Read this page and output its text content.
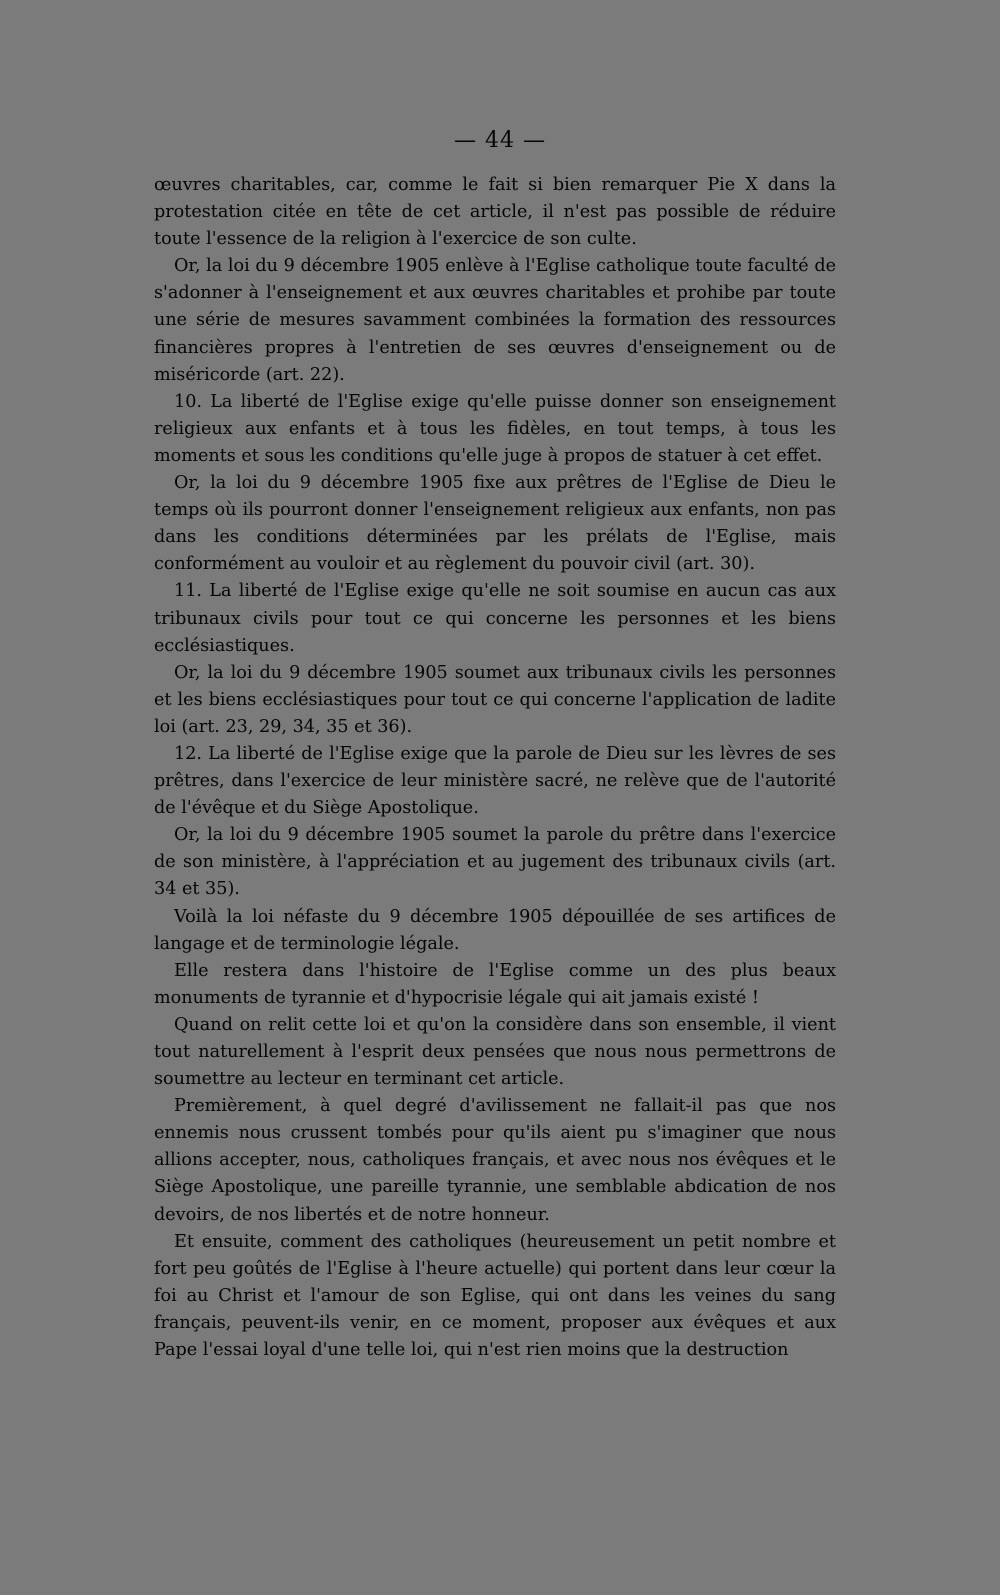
— 44 —

œuvres charitables, car, comme le fait si bien remarquer Pie X dans la protestation citée en tête de cet article, il n'est pas possible de réduire toute l'essence de la religion à l'exercice de son culte.

Or, la loi du 9 décembre 1905 enlève à l'Eglise catholique toute faculté de s'adonner à l'enseignement et aux œuvres charitables et prohibe par toute une série de mesures savamment combinées la formation des ressources financières propres à l'entretien de ses œuvres d'enseignement ou de miséricorde (art. 22).

10. La liberté de l'Eglise exige qu'elle puisse donner son enseignement religieux aux enfants et à tous les fidèles, en tout temps, à tous les moments et sous les conditions qu'elle juge à propos de statuer à cet effet.

Or, la loi du 9 décembre 1905 fixe aux prêtres de l'Eglise de Dieu le temps où ils pourront donner l'enseignement religieux aux enfants, non pas dans les conditions déterminées par les prélats de l'Eglise, mais conformément au vouloir et au règlement du pouvoir civil (art. 30).

11. La liberté de l'Eglise exige qu'elle ne soit soumise en aucun cas aux tribunaux civils pour tout ce qui concerne les personnes et les biens ecclésiastiques.

Or, la loi du 9 décembre 1905 soumet aux tribunaux civils les personnes et les biens ecclésiastiques pour tout ce qui concerne l'application de ladite loi (art. 23, 29, 34, 35 et 36).

12. La liberté de l'Eglise exige que la parole de Dieu sur les lèvres de ses prêtres, dans l'exercice de leur ministère sacré, ne relève que de l'autorité de l'évêque et du Siège Apostolique.

Or, la loi du 9 décembre 1905 soumet la parole du prêtre dans l'exercice de son ministère, à l'appréciation et au jugement des tribunaux civils (art. 34 et 35).

Voilà la loi néfaste du 9 décembre 1905 dépouillée de ses artifices de langage et de terminologie légale.

Elle restera dans l'histoire de l'Eglise comme un des plus beaux monuments de tyrannie et d'hypocrisie légale qui ait jamais existé !

Quand on relit cette loi et qu'on la considère dans son ensemble, il vient tout naturellement à l'esprit deux pensées que nous nous permettrons de soumettre au lecteur en terminant cet article.

Premièrement, à quel degré d'avilissement ne fallait-il pas que nos ennemis nous crussent tombés pour qu'ils aient pu s'imaginer que nous allions accepter, nous, catholiques français, et avec nous nos évêques et le Siège Apostolique, une pareille tyrannie, une semblable abdication de nos devoirs, de nos libertés et de notre honneur.

Et ensuite, comment des catholiques (heureusement un petit nombre et fort peu goûtés de l'Eglise à l'heure actuelle) qui portent dans leur cœur la foi au Christ et l'amour de son Eglise, qui ont dans les veines du sang français, peuvent-ils venir, en ce moment, proposer aux évêques et aux Pape l'essai loyal d'une telle loi, qui n'est rien moins que la destruction
